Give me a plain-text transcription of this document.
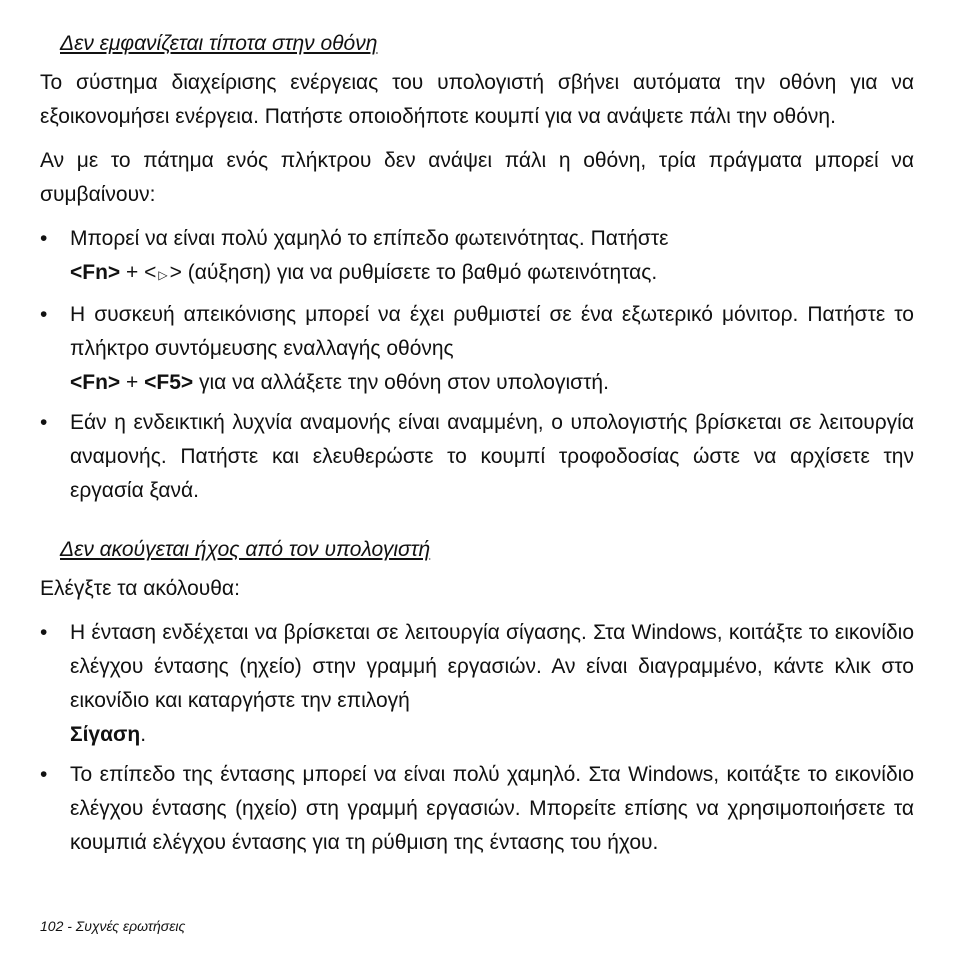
Δεν εμφανίζεται τίποτα στην οθόνη

Το σύστημα διαχείρισης ενέργειας του υπολογιστή σβήνει αυτόματα την οθόνη για να εξοικονομήσει ενέργεια. Πατήστε οποιοδήποτε κουμπί για να ανάψετε πάλι την οθόνη.

Αν με το πάτημα ενός πλήκτρου δεν ανάψει πάλι η οθόνη, τρία πράγματα μπορεί να συμβαίνουν:

• Μπορεί να είναι πολύ χαμηλό το επίπεδο φωτεινότητας. Πατήστε
<Fn> + < ▷> (αύξηση) για να ρυθμίσετε το βαθμό φωτεινότητας.
• Η συσκευή απεικόνισης μπορεί να έχει ρυθμιστεί σε ένα εξωτερικό μόνιτορ. Πατήστε το πλήκτρο συντόμευσης εναλλαγής οθόνης
<Fn> + <F5> για να αλλάξετε την οθόνη στον υπολογιστή.
• Εάν η ενδεικτική λυχνία αναμονής είναι αναμμένη, ο υπολογιστής βρίσκεται σε λειτουργία αναμονής. Πατήστε και ελευθερώστε το κουμπί τροφοδοσίας ώστε να αρχίσετε την εργασία ξανά.
Δεν ακούγεται ήχος από τον υπολογιστή

Ελέγξτε τα ακόλουθα:

• Η ένταση ενδέχεται να βρίσκεται σε λειτουργία σίγασης. Στα Windows, κοιτάξτε το εικονίδιο ελέγχου έντασης (ηχείο) στην γραμμή εργασιών. Αν είναι διαγραμμένο, κάντε κλικ στο εικονίδιο και καταργήστε την επιλογή
Σίγαση.
• Το επίπεδο της έντασης μπορεί να είναι πολύ χαμηλό. Στα Windows, κοιτάξτε το εικονίδιο ελέγχου έντασης (ηχείο) στη γραμμή εργασιών. Μπορείτε επίσης να χρησιμοποιήσετε τα κουμπιά ελέγχου έντασης για τη ρύθμιση της έντασης του ήχου.
102 - Συχνές ερωτήσεις
